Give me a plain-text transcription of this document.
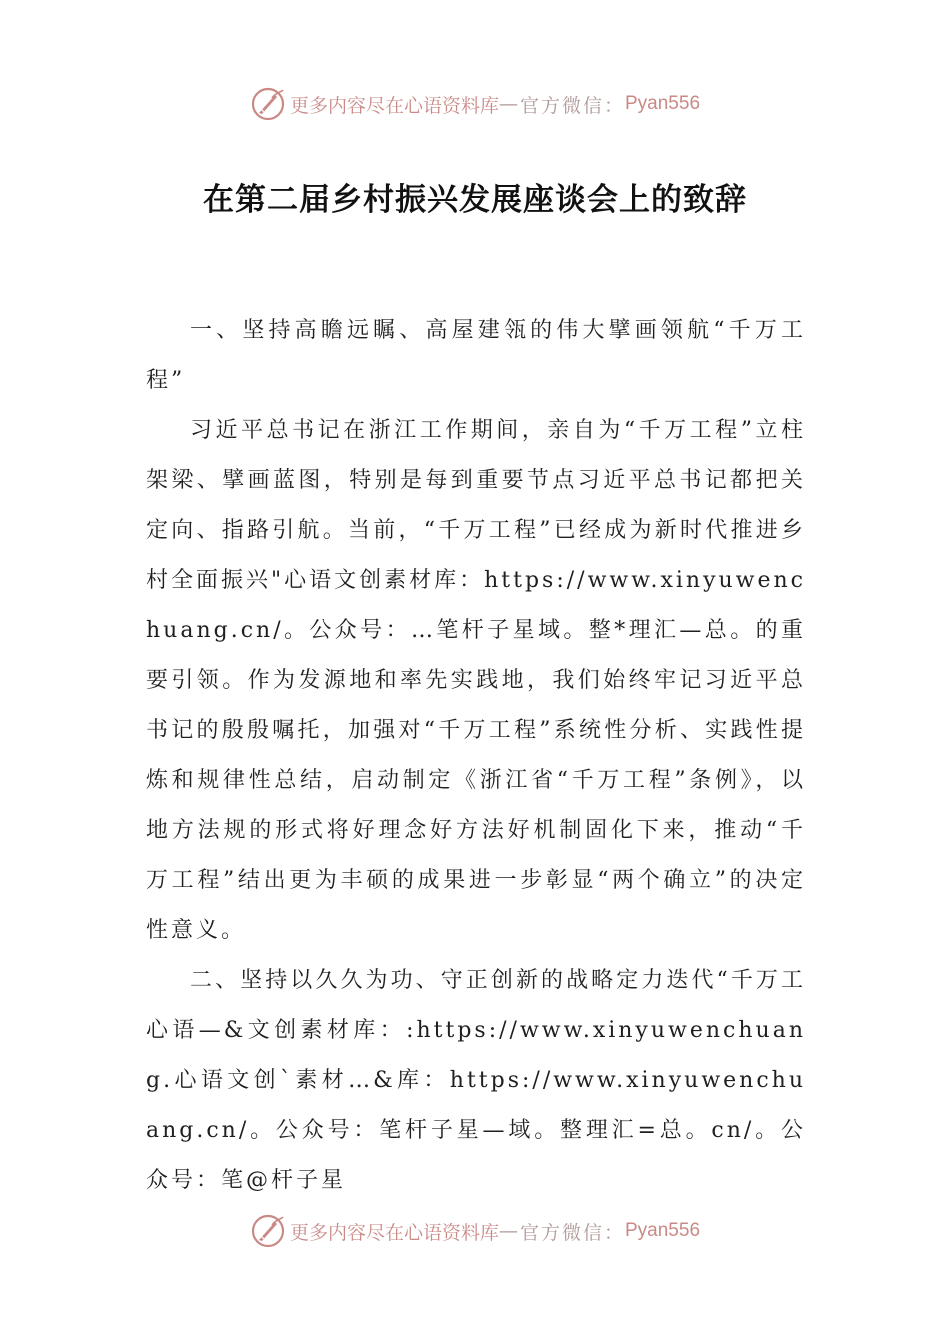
更多内容尽在心语资料库 — 官方微信： Pyan556
在第二届乡村振兴发展座谈会上的致辞

一、坚持高瞻远瞩、高屋建瓴的伟大擘画领航“千万工程”

习近平总书记在浙江工作期间，亲自为“千万工程”立柱架梁、擘画蓝图，特别是每到重要节点习近平总书记都把关定向、指路引航。当前，“千万工程”已经成为新时代推进乡村全面振兴"心语文创素材库：https://www.xinyuwenchuang.cn/。公众号：…笔杆子星域。整*理汇—总。的重要引领。作为发源地和率先实践地，我们始终牢记习近平总书记的殷殷嘱托，加强对“千万工程”系统性分析、实践性提炼和规律性总结，启动制定《浙江省“千万工程”条例》，以地方法规的形式将好理念好方法好机制固化下来，推动“千万工程”结出更为丰硕的成果进一步彰显“两个确立”的决定性意义。

二、坚持以久久为功、守正创新的战略定力迭代“千万工心语—&文创素材库：:https://www.xinyuwenchuang.心语文创`素材…&库：https://www.xinyuwenchuang.cn/。公众号：笔杆子星—域。整理汇=总。cn/。公众号：笔@杆子星

更多内容尽在心语资料库 — 官方微信： Pyan556
